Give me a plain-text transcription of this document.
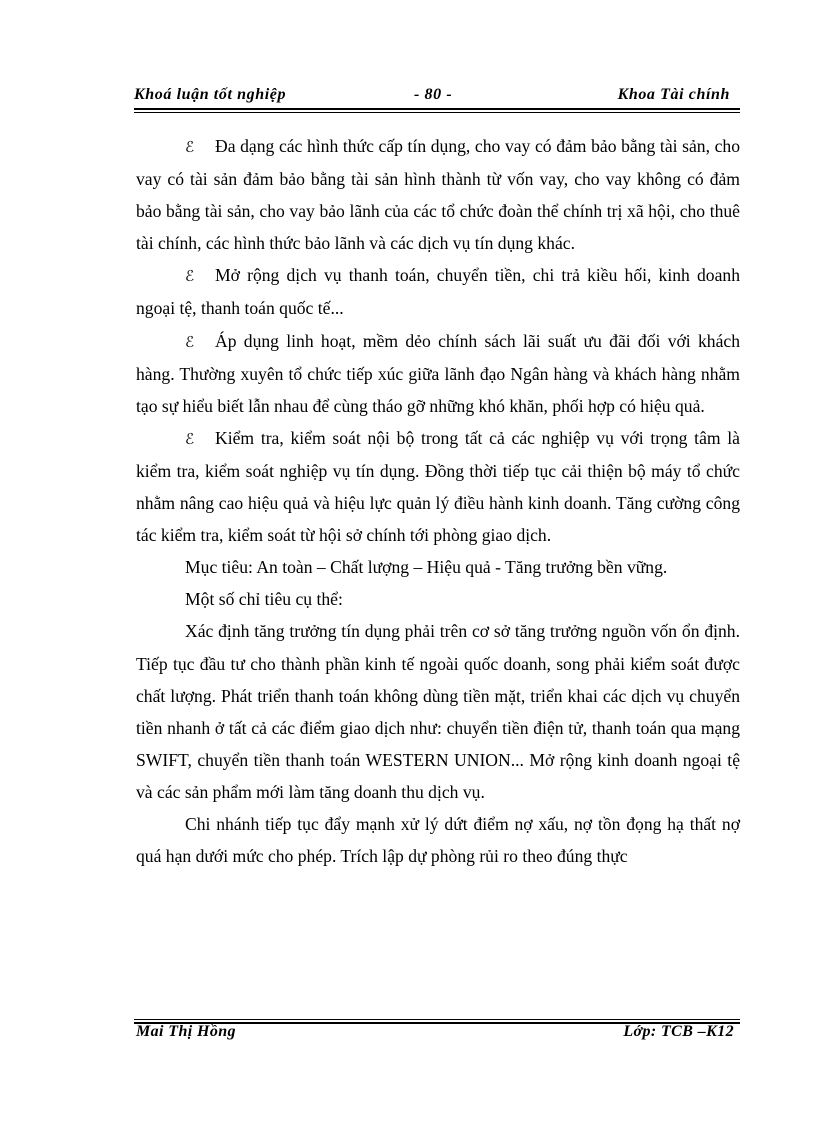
Khoá luận tốt nghiệp	- 80 -	Khoa Tài chính

ℰ Đa dạng các hình thức cấp tín dụng, cho vay có đảm bảo bằng tài sản, cho vay có tài sản đảm bảo bằng tài sản hình thành từ vốn vay, cho vay không có đảm bảo bằng tài sản, cho vay bảo lãnh của các tổ chức đoàn thể chính trị xã hội, cho thuê tài chính, các hình thức bảo lãnh và các dịch vụ tín dụng khác.

ℰ Mở rộng dịch vụ thanh toán, chuyển tiền, chi trả kiều hối, kinh doanh ngoại tệ, thanh toán quốc tế...

ℰ Áp dụng linh hoạt, mềm dẻo chính sách lãi suất ưu đãi đối với khách hàng. Thường xuyên tổ chức tiếp xúc giữa lãnh đạo Ngân hàng và khách hàng nhằm tạo sự hiểu biết lẫn nhau để cùng tháo gỡ những khó khăn, phối hợp có hiệu quả.

ℰ Kiểm tra, kiểm soát nội bộ trong tất cả các nghiệp vụ với trọng tâm là kiểm tra, kiểm soát nghiệp vụ tín dụng. Đồng thời tiếp tục cải thiện bộ máy tổ chức nhằm nâng cao hiệu quả và hiệu lực quản lý điều hành kinh doanh. Tăng cường công tác kiểm tra, kiểm soát từ hội sở chính tới phòng giao dịch.

Mục tiêu: An toàn – Chất lượng – Hiệu quả - Tăng trưởng bền vững.

Một số chỉ tiêu cụ thể:

Xác định tăng trưởng tín dụng phải trên cơ sở tăng trưởng nguồn vốn ổn định. Tiếp tục đầu tư cho thành phần kinh tế ngoài quốc doanh, song phải kiểm soát được chất lượng. Phát triển thanh toán không dùng tiền mặt, triển khai các dịch vụ chuyển tiền nhanh ở tất cả các điểm giao dịch như: chuyển tiền điện tử, thanh toán qua mạng SWIFT, chuyển tiền thanh toán WESTERN UNION... Mở rộng kinh doanh ngoại tệ và các sản phẩm mới làm tăng doanh thu dịch vụ.

Chi nhánh tiếp tục đẩy mạnh xử lý dứt điểm nợ xấu, nợ tồn đọng hạ thất nợ quá hạn dưới mức cho phép. Trích lập dự phòng rủi ro theo đúng thực

Mai Thị Hồng	Lớp: TCB –K12
